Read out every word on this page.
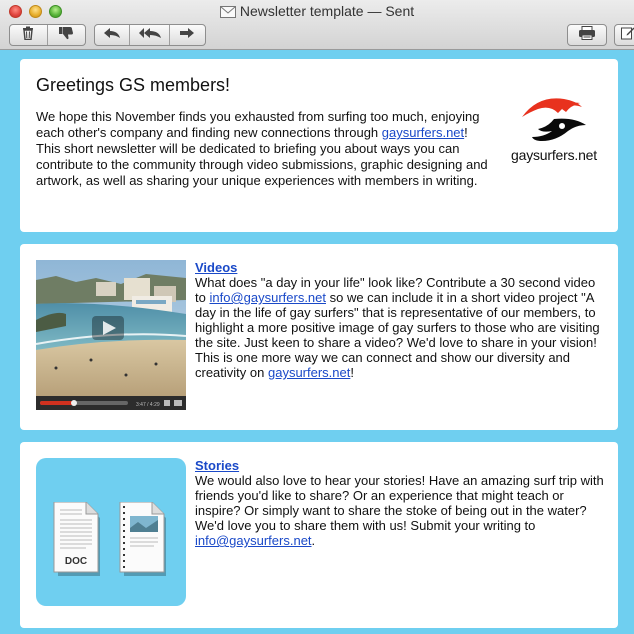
Newsletter template — Sent
Greetings GS members!
We hope this November finds you exhausted from surfing too much, enjoying each other's company and finding new connections through gaysurfers.net! This short newsletter will be dedicated to briefing you about ways you can contribute to the community through video submissions, graphic designing and artwork, as well as sharing your unique experiences with members in writing.
gaysurfers.net
3:47 / 4:29
Videos
What does "a day in your life" look like? Contribute a 30 second video to info@gaysurfers.net so we can include it in a short video project "A day in the life of gay surfers" that is representative of our members, to highlight a more positive image of gay surfers to those who are visiting the site. Just keen to share a video? We'd love to share in your vision! This is one more way we can connect and show our diversity and creativity on gaysurfers.net!
DOC
Stories
We would also love to hear your stories! Have an amazing surf trip with friends you'd like to share? Or an experience that might teach or inspire? Or simply want to share the stoke of being out in the water? We'd love you to share them with us! Submit your writing to info@gaysurfers.net.
